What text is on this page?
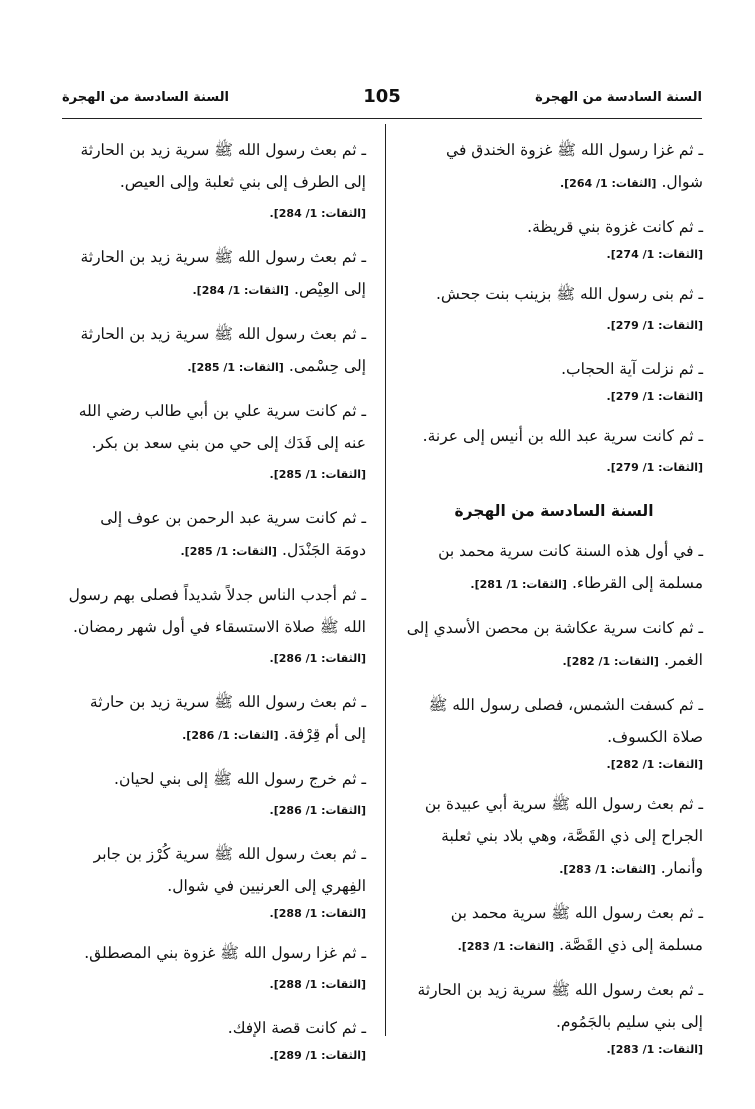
السنة السادسة من الهجرة
105
السنة السادسة من الهجرة
ـ ثم غزا رسول الله ﷺ غزوة الخندق في شوال. [الثقات: 1/ 264].
ـ ثم كانت غزوة بني قريظة.
[الثقات: 1/ 274].
ـ ثم بنى رسول الله ﷺ بزينب بنت جحش. [الثقات: 1/ 279].
ـ ثم نزلت آية الحجاب.
[الثقات: 1/ 279].
ـ ثم كانت سرية عبد الله بن أنيس إلى عرنة. [الثقات: 1/ 279].
السنة السادسة من الهجرة
ـ في أول هذه السنة كانت سرية محمد بن مسلمة إلى القرطاء. [الثقات: 1/ 281].
ـ ثم كانت سرية عكاشة بن محصن الأسدي إلى الغمر. [الثقات: 1/ 282].
ـ ثم كسفت الشمس، فصلى رسول الله ﷺ صلاة الكسوف.
[الثقات: 1/ 282].
ـ ثم بعث رسول الله ﷺ سرية أبي عبيدة بن الجراح إلى ذي القَصَّة، وهي بلاد بني ثعلبة وأنمار. [الثقات: 1/ 283].
ـ ثم بعث رسول الله ﷺ سرية محمد بن مسلمة إلى ذي القَصَّة. [الثقات: 1/ 283].
ـ ثم بعث رسول الله ﷺ سرية زيد بن الحارثة إلى بني سليم بالجَمُوم.
[الثقات: 1/ 283].
ـ ثم بعث رسول الله ﷺ سرية زيد بن الحارثة إلى الطرف إلى بني ثعلبة وإلى العيص. [الثقات: 1/ 284].
ـ ثم بعث رسول الله ﷺ سرية زيد بن الحارثة إلى العِيْص. [الثقات: 1/ 284].
ـ ثم بعث رسول الله ﷺ سرية زيد بن الحارثة إلى حِسْمى. [الثقات: 1/ 285].
ـ ثم كانت سرية علي بن أبي طالب رضي الله عنه إلى فَدَك إلى حي من بني سعد بن بكر. [الثقات: 1/ 285].
ـ ثم كانت سرية عبد الرحمن بن عوف إلى دومَة الجَنْدَل. [الثقات: 1/ 285].
ـ ثم أجدب الناس جدلاً شديداً فصلى بهم رسول الله ﷺ صلاة الاستسقاء في أول شهر رمضان. [الثقات: 1/ 286].
ـ ثم بعث رسول الله ﷺ سرية زيد بن حارثة إلى أم قِرْفة. [الثقات: 1/ 286].
ـ ثم خرج رسول الله ﷺ إلى بني لحيان. [الثقات: 1/ 286].
ـ ثم بعث رسول الله ﷺ سرية كُرْز بن جابر الفِهري إلى العرنيين في شوال.
[الثقات: 1/ 288].
ـ ثم غزا رسول الله ﷺ غزوة بني المصطلق. [الثقات: 1/ 288].
ـ ثم كانت قصة الإفك.
[الثقات: 1/ 289].
